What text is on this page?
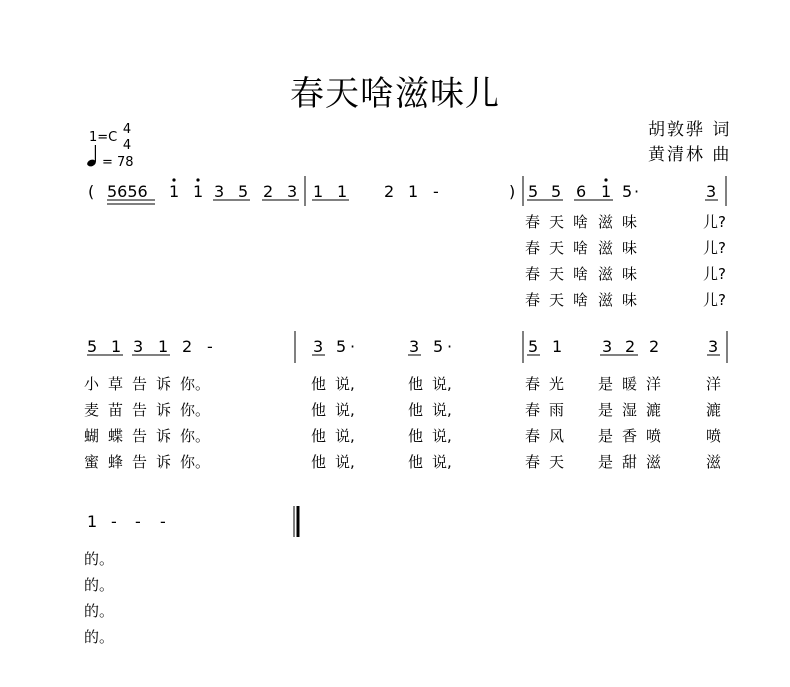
春天啥滋味儿
胡敦骅 词
黄清林 曲
1=C
4
4
= 78
( 5656 1 1 3 5 2 3 1 1 2 1 -	) 5 5 6 1 5 ·	3
春 天 啥 滋 味	儿?
春 天 啥 滋 味	儿?
春 天 啥 滋 味	儿?
春 天 啥 滋 味	儿?
5 1 3 1 2 -	3 5 ·	3 5 ·	5 1 3 2 2	3
小 草 告 诉 你。	他 说,	他 说,	春 光 是 暖 洋	洋
麦 苗 告 诉 你。	他 说,	他 说,	春 雨 是 湿 漉	漉
蝴 蝶 告 诉 你。	他 说,	他 说,	春 风 是 香 喷	喷
蜜 蜂 告 诉 你。	他 说,	他 说,	春 天 是 甜 滋	滋
1 - - -
的。
的。
的。
的。
